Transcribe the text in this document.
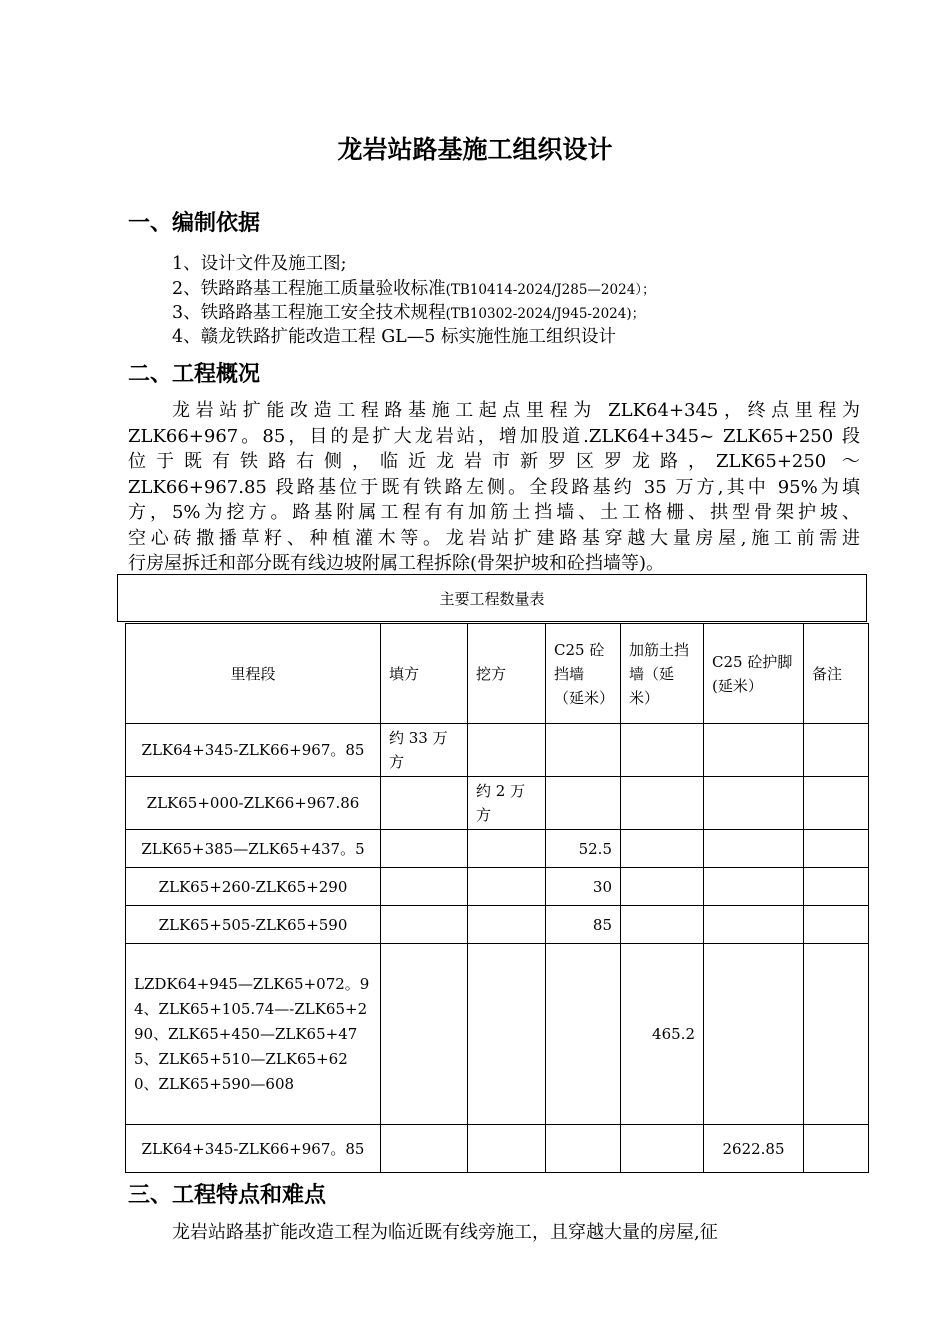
龙岩站路基施工组织设计
一、编制依据
1、设计文件及施工图;
2、铁路路基工程施工质量验收标准(TB10414-2024/J285—2024）；
3、铁路路基工程施工安全技术规程(TB10302-2024/J945-2024)；
4、赣龙铁路扩能改造工程 GL—5 标实施性施工组织设计
二、工程概况
龙岩站扩能改造工程路基施工起点里程为 ZLK64+345，终点里程为
ZLK66+967。85，目的是扩大龙岩站，增加股道.ZLK64+345~ ZLK65+250 段
位于既有铁路右侧，临近龙岩市新罗区罗龙路，ZLK65+250 ～
ZLK66+967.85 段路基位于既有铁路左侧。全段路基约 35 万方,其中 95%为填
方，5%为挖方。路基附属工程有有加筋土挡墙、土工格栅、拱型骨架护坡、
空心砖撒播草籽、种植灌木等。龙岩站扩建路基穿越大量房屋,施工前需进
行房屋拆迁和部分既有线边坡附属工程拆除(骨架护坡和砼挡墙等)。
主要工程数量表
里程段	填方	挖方	C25 砼挡墙（延米）	加筋土挡墙（延米）	C25 砼护脚(延米）	备注
ZLK64+345-ZLK66+967。85	约 33 万方					
ZLK65+000-ZLK66+967.86		约 2 万方				
ZLK65+385—ZLK65+437。5			52.5			
ZLK65+260-ZLK65+290			30			
ZLK65+505-ZLK65+590			85			
LZDK64+945—ZLK65+072。94、ZLK65+105.74—-ZLK65+290、ZLK65+450—ZLK65+475、ZLK65+510—ZLK65+620、ZLK65+590—608				465.2		
ZLK64+345-ZLK66+967。85					2622.85	
三、工程特点和难点
龙岩站路基扩能改造工程为临近既有线旁施工，且穿越大量的房屋,征
